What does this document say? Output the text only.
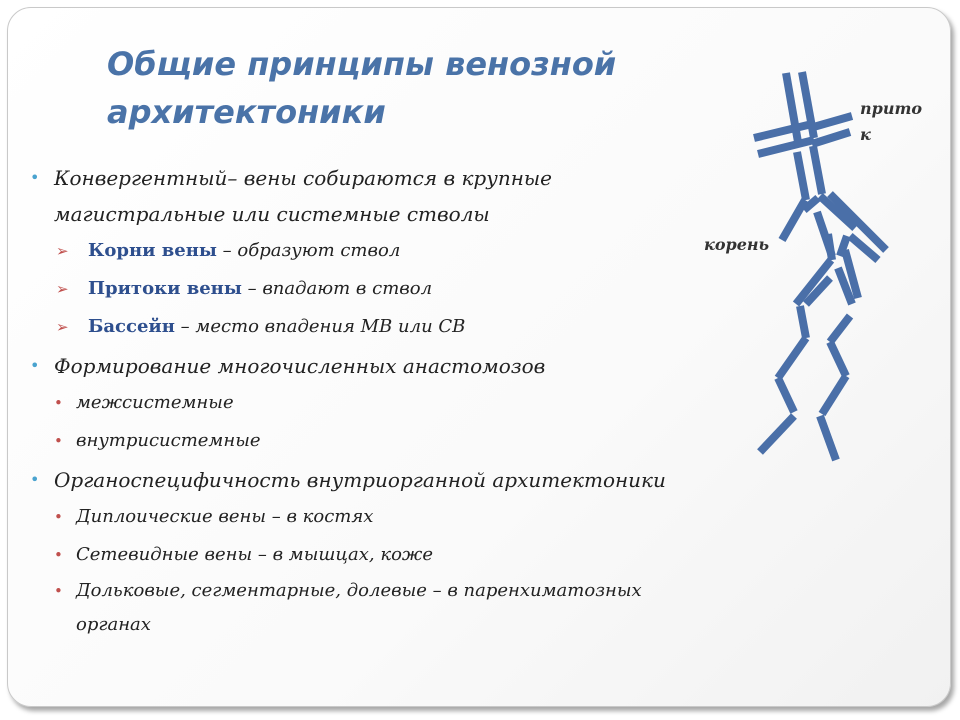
Общие принципы венозной архитектоники

• Конвергентный– вены собираются в крупные магистральные или системные стволы

➢ Корни вены – образуют ствол

➢ Притоки вены – впадают в ствол

➢ Бассейн – место впадения МВ или СВ

• Формирование многочисленных анастомозов

• межсистемные

• внутрисистемные

• Органоспецифичность внутриорганной архитектоники

• Диплоические вены – в костях

• Сетевидные вены – в мышцах, коже

• Дольковые, сегментарные, долевые – в паренхиматозных органах

прито
к
корень
